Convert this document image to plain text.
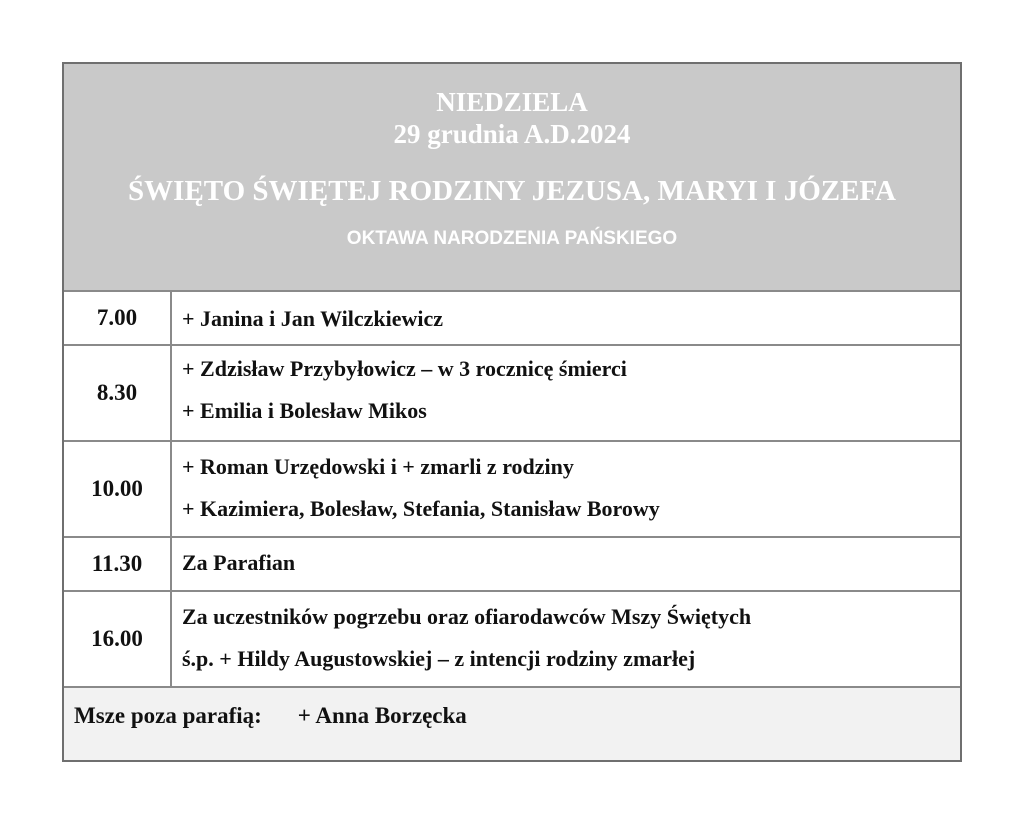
NIEDZIELA
29 grudnia A.D.2024
ŚWIĘTO ŚWIĘTEJ RODZINY JEZUSA, MARYI I JÓZEFA
OKTAWA NARODZENIA PAŃSKIEGO
7.00	+ Janina i Jan Wilczkiewicz
8.30
+ Zdzisław Przybyłowicz – w 3 rocznicę śmierci
+ Emilia i Bolesław Mikos
10.00
+ Roman Urzędowski i + zmarli z rodziny
+ Kazimiera, Bolesław, Stefania, Stanisław Borowy
11.30	Za Parafian
16.00
Za uczestników pogrzebu oraz ofiarodawców Mszy Świętych
ś.p. + Hildy Augustowskiej – z intencji rodziny zmarłej
Msze poza parafią: + Anna Borzęcka
